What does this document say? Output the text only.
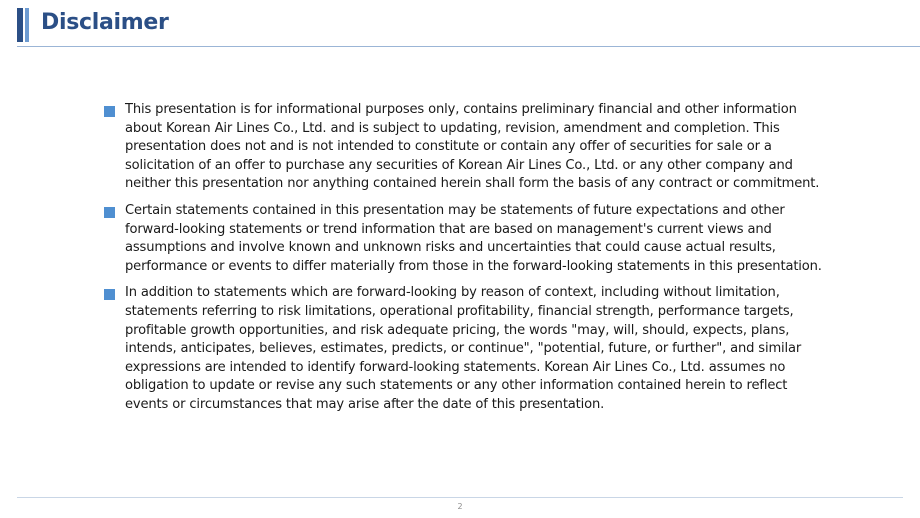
Disclaimer
This presentation is for informational purposes only, contains preliminary financial and other information about Korean Air Lines Co., Ltd. and is subject to updating, revision, amendment and completion. This presentation does not and is not intended to constitute or contain any offer of securities for sale or a solicitation of an offer to purchase any securities of Korean Air Lines Co., Ltd. or any other company and neither this presentation nor anything contained herein shall form the basis of any contract or commitment.
Certain statements contained in this presentation may be statements of future expectations and other forward-looking statements or trend information that are based on management's current views and assumptions and involve known and unknown risks and uncertainties that could cause actual results, performance or events to differ materially from those in the forward-looking statements in this presentation.
In addition to statements which are forward-looking by reason of context, including without limitation, statements referring to risk limitations, operational profitability, financial strength, performance targets, profitable growth opportunities, and risk adequate pricing, the words "may, will, should, expects, plans, intends, anticipates, believes, estimates, predicts, or continue", "potential, future, or further", and similar expressions are intended to identify forward-looking statements. Korean Air Lines Co., Ltd. assumes no obligation to update or revise any such statements or any other information contained herein to reflect events or circumstances that may arise after the date of this presentation.
2
